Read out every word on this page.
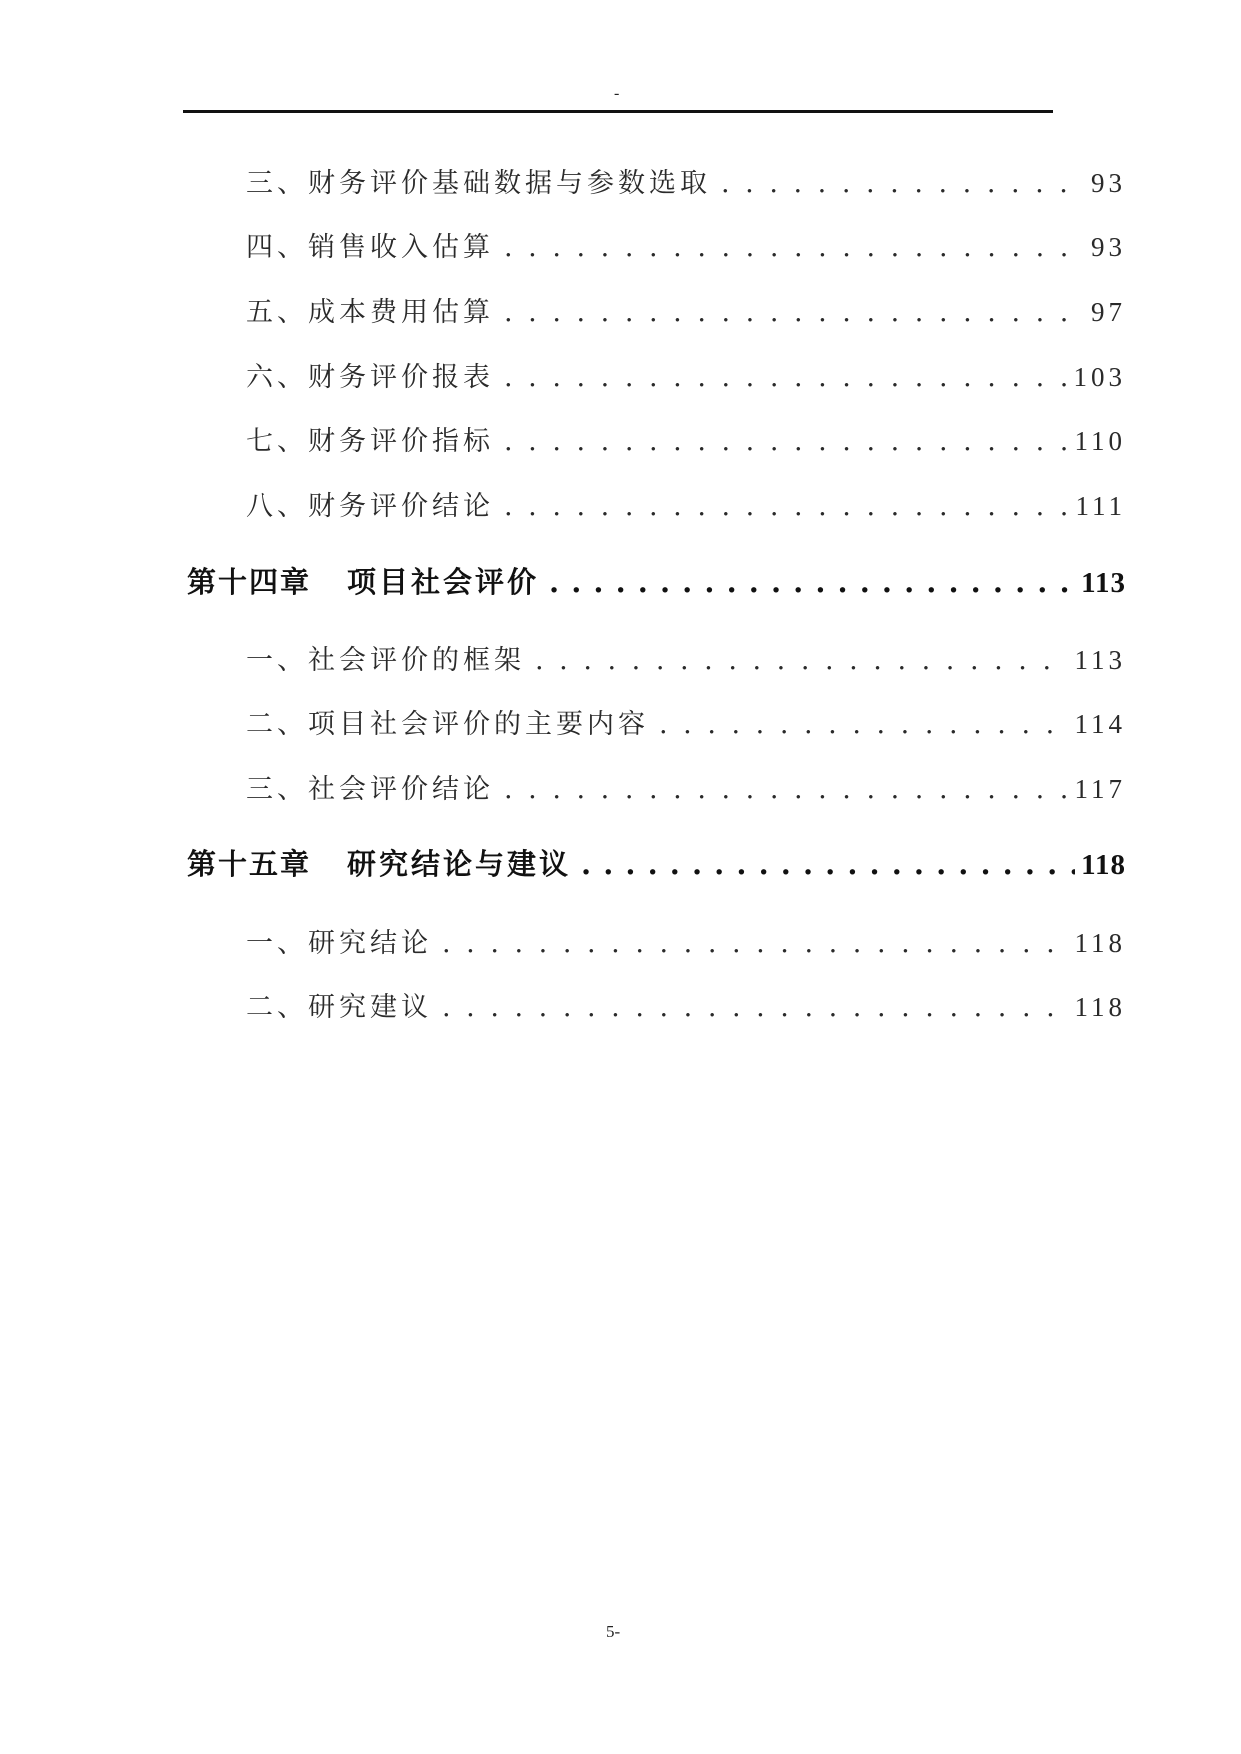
-
三、财务评价基础数据与参数选取 . . .	93
四、销售收入估算 . . .	93
五、成本费用估算 . . .	97
六、财务评价报表 . . .	103
七、财务评价指标 . . .	110
八、财务评价结论 . . .	111
第十四章 项目社会评价 . . .	113
一、社会评价的框架 . . .	113
二、项目社会评价的主要内容 . . .	114
三、社会评价结论 . . .	117
第十五章 研究结论与建议 . . .	118
一、研究结论 . . .	118
二、研究建议 . . .	118
5-
